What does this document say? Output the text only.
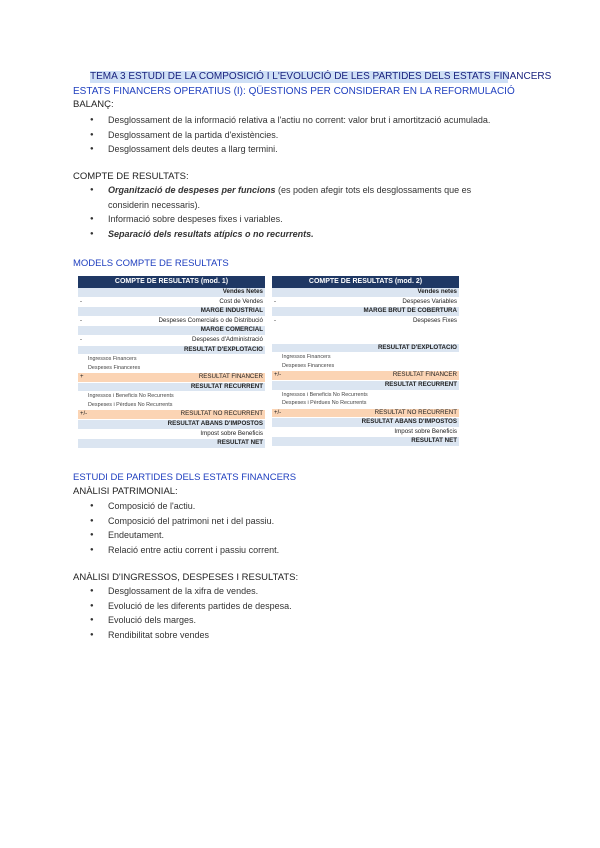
TEMA 3 ESTUDI DE LA COMPOSICIÓ I L'EVOLUCIÓ DE LES PARTIDES DELS ESTATS FINANCERS
ESTATS FINANCERS OPERATIUS (I): QÜESTIONS PER CONSIDERAR EN LA REFORMULACIÓ
BALANÇ:
● Desglossament de la informació relativa a l'actiu no corrent: valor brut i amortització acumulada.
● Desglossament de la partida d'existències.
● Desglossament dels deutes a llarg termini.
COMPTE DE RESULTATS:
● Organització de despeses per funcions (es poden afegir tots els desglossaments que es considerin necessaris).
● Informació sobre despeses fixes i variables.
● Separació dels resultats atípics o no recurrents.
MODELS COMPTE DE RESULTATS
COMPTE DE RESULTATS (mod. 1)
Vendes Netes
-	Cost de Vendes
MARGE INDUSTRIAL
-	Despeses Comercials o de Distribució
MARGE COMERCIAL
-	Despeses d'Administració
RESULTAT D'EXPLOTACIÓ
Ingressos Financers
Despeses Financeres
+	RESULTAT FINANCER
RESULTAT RECURRENT
Ingressos i Beneficis No Recurrents
Despeses i Pèrdues No Recurrents
+/-	RESULTAT NO RECURRENT
RESULTAT ABANS D'IMPOSTOS
Impost sobre Beneficis
RESULTAT NET
COMPTE DE RESULTATS (mod. 2)
Vendes netes
-	Despeses Variables
MARGE BRUT DE COBERTURA
-	Despeses Fixes
RESULTAT D'EXPLOTACIÓ
Ingressos Financers
Despeses Financeres
+/-	RESULTAT FINANCER
RESULTAT RECURRENT
Ingressos i Beneficis No Recurrents
Despeses i Pèrdues No Recurrents
+/-	RESULTAT NO RECURRENT
RESULTAT ABANS D'IMPOSTOS
Impost sobre Beneficis
RESULTAT NET
ESTUDI DE PARTIDES DELS ESTATS FINANCERS
ANÀLISI PATRIMONIAL:
● Composició de l'actiu.
● Composició del patrimoni net i del passiu.
● Endeutament.
● Relació entre actiu corrent i passiu corrent.
ANÀLISI D'INGRESSOS, DESPESES I RESULTATS:
● Desglossament de la xifra de vendes.
● Evolució de les diferents partides de despesa.
● Evolució dels marges.
● Rendibilitat sobre vendes
